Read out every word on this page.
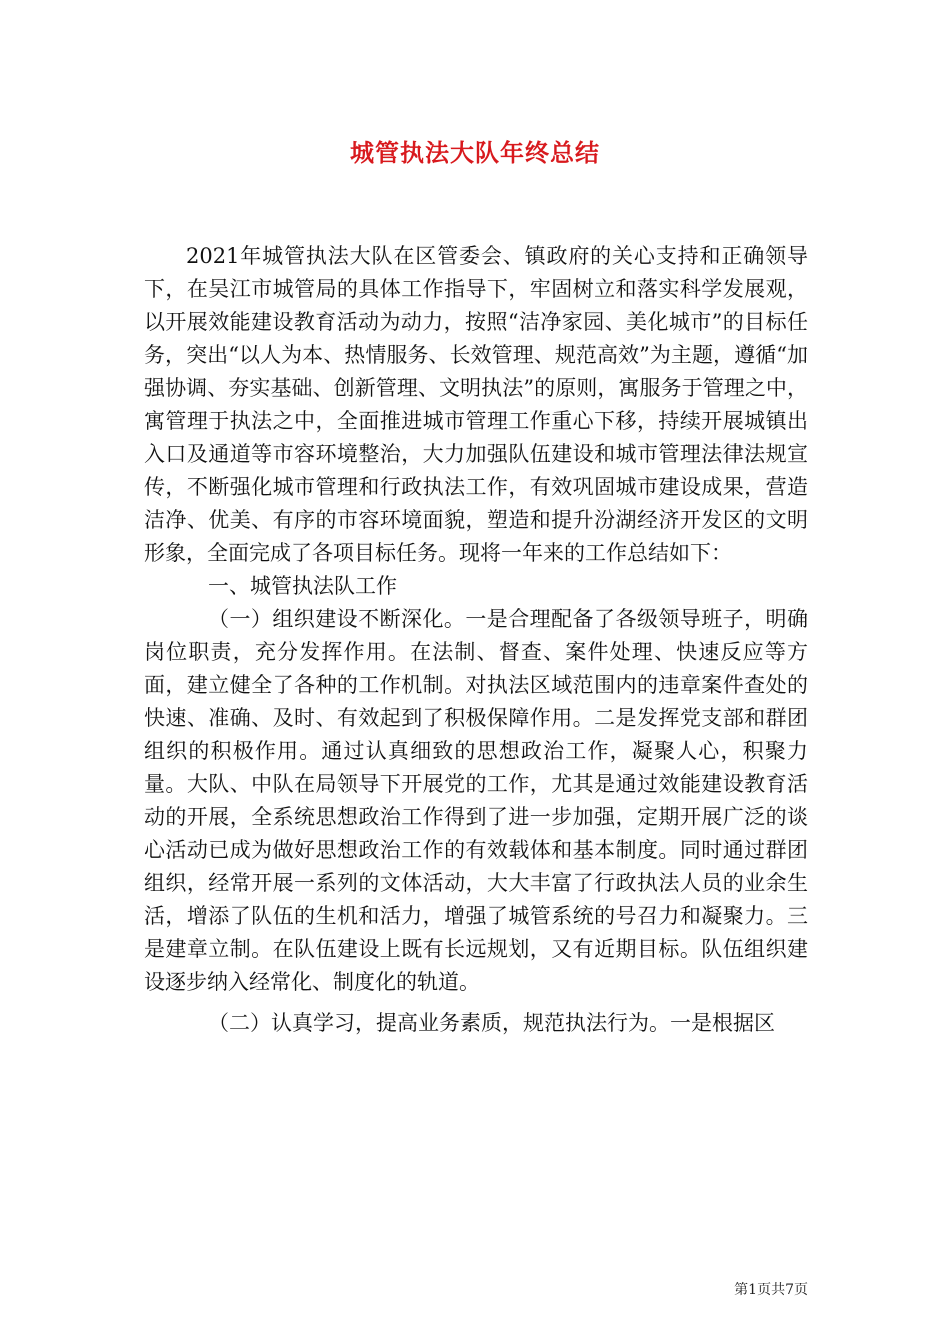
城管执法大队年终总结

2021年城管执法大队在区管委会、镇政府的关心支持和正确领导下，在吴江市城管局的具体工作指导下，牢固树立和落实科学发展观，以开展效能建设教育活动为动力，按照“洁净家园、美化城市”的目标任务，突出“以人为本、热情服务、长效管理、规范高效”为主题，遵循“加强协调、夯实基础、创新管理、文明执法”的原则，寓服务于管理之中，寓管理于执法之中，全面推进城市管理工作重心下移，持续开展城镇出入口及通道等市容环境整治，大力加强队伍建设和城市管理法律法规宣传，不断强化城市管理和行政执法工作，有效巩固城市建设成果，营造洁净、优美、有序的市容环境面貌，塑造和提升汾湖经济开发区的文明形象，全面完成了各项目标任务。现将一年来的工作总结如下：

一、城管执法队工作

（一）组织建设不断深化。一是合理配备了各级领导班子，明确岗位职责，充分发挥作用。在法制、督查、案件处理、快速反应等方面，建立健全了各种的工作机制。对执法区域范围内的违章案件查处的快速、准确、及时、有效起到了积极保障作用。二是发挥党支部和群团组织的积极作用。通过认真细致的思想政治工作，凝聚人心，积聚力量。大队、中队在局领导下开展党的工作，尤其是通过效能建设教育活动的开展，全系统思想政治工作得到了进一步加强，定期开展广泛的谈心活动已成为做好思想政治工作的有效载体和基本制度。同时通过群团组织，经常开展一系列的文体活动，大大丰富了行政执法人员的业余生活，增添了队伍的生机和活力，增强了城管系统的号召力和凝聚力。三是建章立制。在队伍建设上既有长远规划，又有近期目标。队伍组织建设逐步纳入经常化、制度化的轨道。

（二）认真学习，提高业务素质，规范执法行为。一是根据区

第1页共7页
